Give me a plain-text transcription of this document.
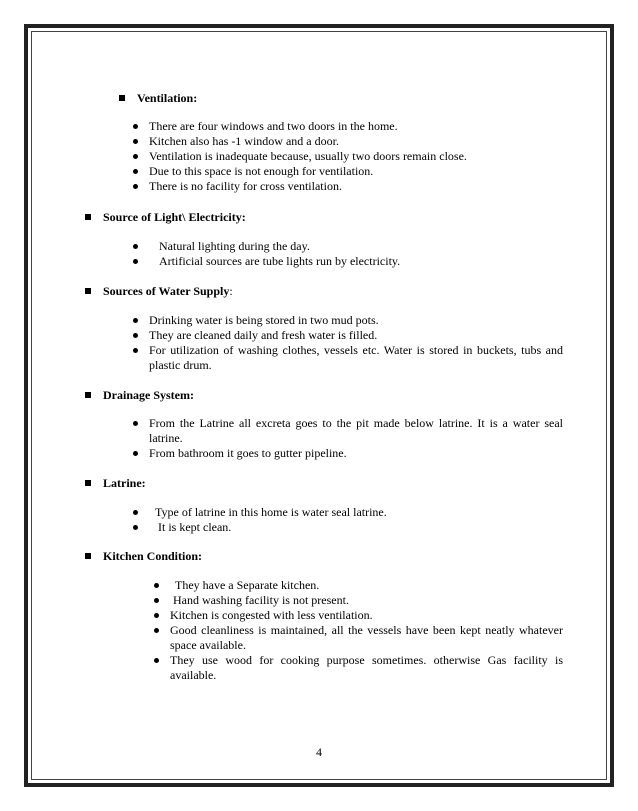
Ventilation:
There are four windows and two doors in the home.
Kitchen also has -1 window and a door.
Ventilation is inadequate because, usually two doors remain close.
Due to this space is not enough for ventilation.
There is no facility for cross ventilation.
Source of Light\ Electricity:
Natural lighting during the day.
Artificial sources are tube lights run by electricity.
Sources of Water Supply:
Drinking water is being stored in two mud pots.
They are cleaned daily and fresh water is filled.
For utilization of washing clothes, vessels etc. Water is stored in buckets, tubs and plastic drum.
Drainage System:
From the Latrine all excreta goes to the pit made below latrine. It is a water seal latrine.
From bathroom it goes to gutter pipeline.
Latrine:
Type of latrine in this home is water seal latrine.
It is kept clean.
Kitchen Condition:
They have a Separate kitchen.
Hand washing facility is not present.
Kitchen is congested with less ventilation.
Good cleanliness is maintained, all the vessels have been kept neatly whatever space available.
They use wood for cooking purpose sometimes. otherwise Gas facility is available.
4
